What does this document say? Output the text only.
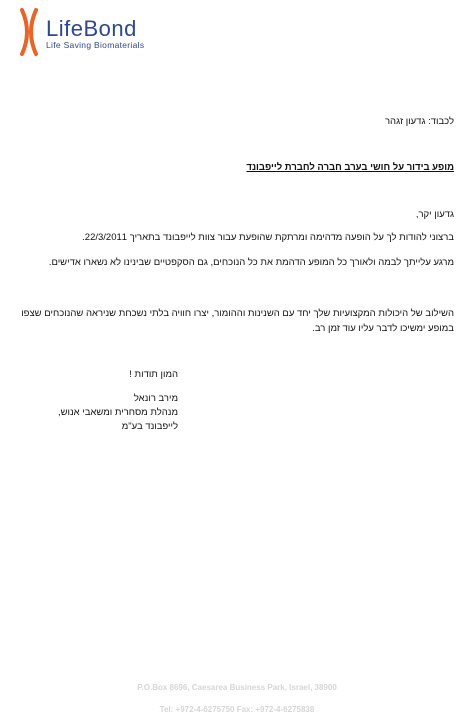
LifeBond
Life Saving Biomaterials
לכבוד: גדעון זגהר
מופע בידור על חושי בערב חברה לחברת לייפבונד
גדעון יקר,
ברצוני להודות לך על הופעה מדהימה ומרתקת שהופעת עבור צוות לייפבונד בתאריך 22/3/2011.
מרגע עלייתך לבמה ולאורך כל המופע הדהמת את כל הנוכחים, גם הסקפטיים שבינינו לא נשארו אדישים.
השילוב של היכולות המקצועיות שלך יחד עם השנינות וההומור, יצרו חוויה בלתי נשכחת שניראה שהנוכחים שצפו במופע ימשיכו לדבר עליו עוד זמן רב.
המון תודות !
מירב רונאל
מנהלת מסחרית ומשאבי אנוש,
לייפבונד בע"מ
P.O.Box 8696, Caesarea Business Park, Israel, 38900
Tel: +972-4-6275750 Fax: +972-4-6275838
